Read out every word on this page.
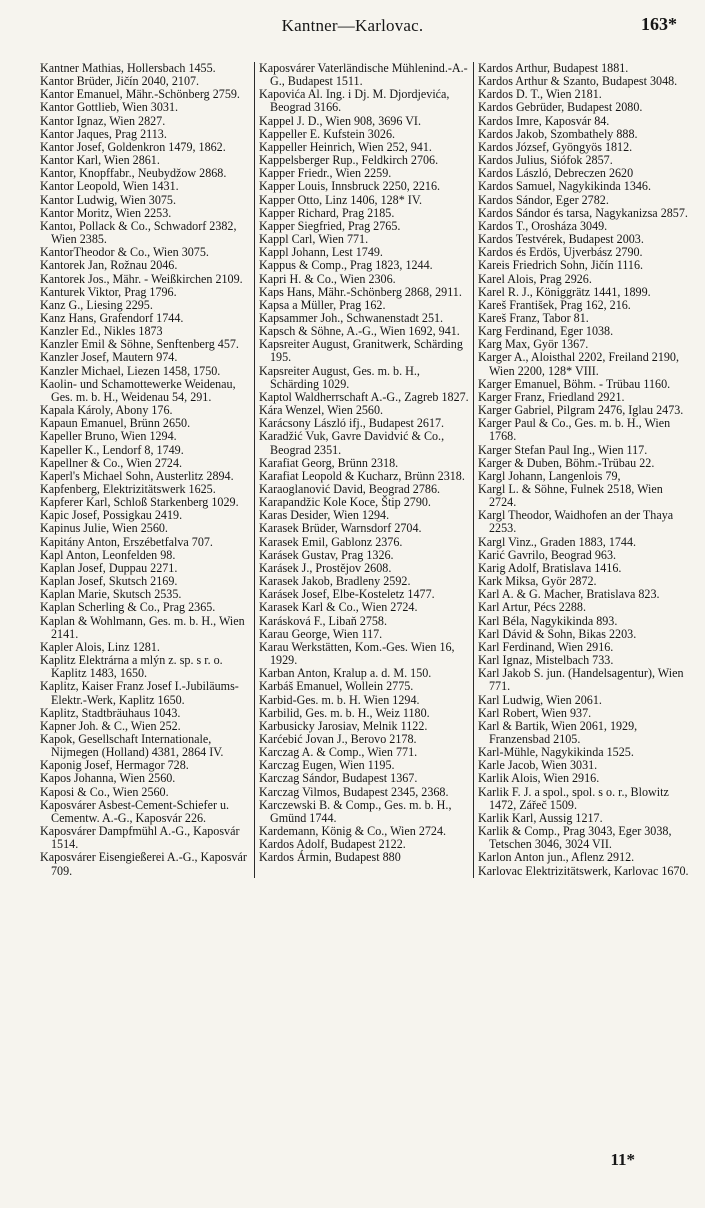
Kantner—Karlovac.	163*
Kantner Mathias, Hollersbach 1455.
Kantor Brüder, Jičín 2040, 2107.
Kantor Emanuel, Mähr.-Schönberg 2759.
Kantor Gottlieb, Wien 3031.
Kantor Ignaz, Wien 2827.
Kantor Jaques, Prag 2113.
Kantor Josef, Goldenkron 1479, 1862.
Kantor Karl, Wien 2861.
Kantor, Knopffabr., Neubydžow 2868.
Kantor Leopold, Wien 1431.
Kantor Ludwig, Wien 3075.
Kantor Moritz, Wien 2253.
Kantoı, Pollack & Co., Schwadorf 2382, Wien 2385.
KantorTheodor & Co., Wien 3075.
Kantorek Jan, Rožnau 2046.
Kantorek Jos., Mähr. - Weißkirchen 2109.
Kanturek Viktor, Prag 1796.
Kanz G., Liesing 2295.
Kanz Hans, Grafendorf 1744.
Kanzler Ed., Nikles 1873
Kanzler Emil & Söhne, Senftenberg 457.
Kanzler Josef, Mautern 974.
Kanzler Michael, Liezen 1458, 1750.
Kaolin- und Schamottewerke Weidenau, Ges. m. b. H., Weidenau 54, 291.
Kapala Károly, Abony 176.
Kapaun Emanuel, Brünn 2650.
Kapeller Bruno, Wien 1294.
Kapeller K., Lendorf 8, 1749.
Kapellner & Co., Wien 2724.
Kaperl's Michael Sohn, Austerlitz 2894.
Kapfenberg, Elektrizitätswerk 1625.
Kapferer Karl, Schloß Starkenberg 1029.
Kapic Josef, Possigkau 2419.
Kapinus Julie, Wien 2560.
Kapitány Anton, Erszébetfalva 707.
Kapl Anton, Leonfelden 98.
Kaplan Josef, Duppau 2271.
Kaplan Josef, Skutsch 2169.
Kaplan Marie, Skutsch 2535.
Kaplan Scherling & Co., Prag 2365.
Kaplan & Wohlmann, Ges. m. b. H., Wien 2141.
Kapler Alois, Linz 1281.
Kaplitz Elektrárna a mlýn z. sp. s r. o. Kaplitz 1483, 1650.
Kaplitz, Kaiser Franz Josef I.-Jubiläums-Elektr.-Werk, Kaplitz 1650.
Kaplitz, Stadtbräuhaus 1043.
Kapner Joh. & C., Wien 252.
Kapok, Gesellschaft Internationale, Nijmegen (Holland) 4381, 2864 IV.
Kaponig Josef, Hermagor 728.
Kapos Johanna, Wien 2560.
Kaposi & Co., Wien 2560.
Kaposvárer Asbest-Cement-Schiefer u. Cementw. A.-G., Kaposvár 226.
Kaposvárer Dampfmühl A.-G., Kaposvár 1514.
Kaposvárer Eisengießerei A.-G., Kaposvár 709.
Kaposvárer Vaterländische Mühlenind.-A.-G., Budapest 1511.
Kapovića Al. Ing. i Dj. M. Djordjevića, Beograd 3166.
Kappel J. D., Wien 908, 3696 VI.
Kappeller E. Kufstein 3026.
Kappeller Heinrich, Wien 252, 941.
Kappelsberger Rup., Feldkirch 2706.
Kapper Friedr., Wien 2259.
Kapper Louis, Innsbruck 2250, 2216.
Kapper Otto, Linz 1406, 128* IV.
Kapper Richard, Prag 2185.
Kapper Siegfried, Prag 2765.
Kappl Carl, Wien 771.
Kappl Johann, Lest 1749.
Kappus & Comp., Prag 1823, 1244.
Kapri H. & Co., Wien 2306.
Kaps Hans, Mähr.-Schönberg 2868, 2911.
Kapsa a Müller, Prag 162.
Kapsammer Joh., Schwanenstadt 251.
Kapsch & Söhne, A.-G., Wien 1692, 941.
Kapsreiter August, Granitwerk, Schärding 195.
Kapsreiter August, Ges. m. b. H., Schärding 1029.
Kaptol Waldherrschaft A.-G., Zagreb 1827.
Kára Wenzel, Wien 2560.
Karácsony László ifj., Budapest 2617.
Karadžić Vuk, Gavre Davidvić & Co., Beograd 2351.
Karafiat Georg, Brünn 2318.
Karafiat Leopold & Kucharz, Brünn 2318.
Karaoglanović David, Beograd 2786.
Karapandžic Kole Koce, Štip 2790.
Karas Desider, Wien 1294.
Karasek Brüder, Warnsdorf 2704.
Karasek Emil, Gablonz 2376.
Karásek Gustav, Prag 1326.
Karásek J., Prostějov 2608.
Karasek Jakob, Bradleny 2592.
Karásek Josef, Elbe-Kosteletz 1477.
Karasek Karl & Co., Wien 2724.
Karásková F., Libaň 2758.
Karau George, Wien 117.
Karau Werkstätten, Kom.-Ges. Wien 16, 1929.
Karban Anton, Kralup a. d. M. 150.
Karbáš Emanuel, Wollein 2775.
Karbid-Ges. m. b. H. Wien 1294.
Karbilid, Ges. m. b. H., Weiz 1180.
Karbusicky Jarosiav, Melnik 1122.
Karćebić Jovan J., Berovo 2178.
Karczag A. & Comp., Wien 771.
Karczag Eugen, Wien 1195.
Karczag Sándor, Budapest 1367.
Karczag Vilmos, Budapest 2345, 2368.
Karczewski B. & Comp., Ges. m. b. H., Gmünd 1744.
Kardemann, König & Co., Wien 2724.
Kardos Adolf, Budapest 2122.
Kardos Ármin, Budapest 880
Kardos Arthur, Budapest 1881.
Kardos Arthur & Szanto, Budapest 3048.
Kardos D. T., Wien 2181.
Kardos Gebrüder, Budapest 2080.
Kardos Imre, Kaposvár 84.
Kardos Jakob, Szombathely 888.
Kardos József, Gyöngyös 1812.
Kardos Julius, Siófok 2857.
Kardos László, Debreczen 2620
Kardos Samuel, Nagykikinda 1346.
Kardos Sándor, Eger 2782.
Kardos Sándor és tarsa, Nagykanizsa 2857.
Kardos T., Orosháza 3049.
Kardos Testvérek, Budapest 2003.
Kardos és Erdös, Ujverbász 2790.
Kareis Friedrich Sohn, Jičín 1116.
Karel Alois, Prag 2926.
Karel R. J., Königgrätz 1441, 1899.
Kareš František, Prag 162, 216.
Kareš Franz, Tabor 81.
Karg Ferdinand, Eger 1038.
Karg Max, Györ 1367.
Karger A., Aloisthal 2202, Freiland 2190, Wien 2200, 128* VIII.
Karger Emanuel, Böhm. - Trübau 1160.
Karger Franz, Friedland 2921.
Karger Gabriel, Pilgram 2476, Iglau 2473.
Karger Paul & Co., Ges. m. b. H., Wien 1768.
Karger Stefan Paul Ing., Wien 117.
Karger & Duben, Böhm.-Trübau 22.
Kargl Johann, Langenlois 79,
Kargl L. & Söhne, Fulnek 2518, Wien 2724.
Kargl Theodor, Waidhofen an der Thaya 2253.
Kargl Vinz., Graden 1883, 1744.
Karić Gavrilo, Beograd 963.
Karig Adolf, Bratislava 1416.
Kark Miksa, Györ 2872.
Karl A. & G. Macher, Bratislava 823.
Karl Artur, Pécs 2288.
Karl Béla, Nagykikinda 893.
Karl Dávid & Sohn, Bikas 2203.
Karl Ferdinand, Wien 2916.
Karl Ignaz, Mistelbach 733.
Karl Jakob S. jun. (Handelsagentur), Wien 771.
Karl Ludwig, Wien 2061.
Karl Robert, Wien 937.
Karl & Bartik, Wien 2061, 1929, Franzensbad 2105.
Karl-Mühle, Nagykikinda 1525.
Karle Jacob, Wien 3031.
Karlik Alois, Wien 2916.
Karlik F. J. a spol., spol. s o. r., Blowitz 1472, Zářeč 1509.
Karlik Karl, Aussig 1217.
Karlik & Comp., Prag 3043, Eger 3038, Tetschen 3046, 3024 VII.
Karlon Anton jun., Aflenz 2912.
Karlovac Elektrizitätswerk, Karlovac 1670.
11*
